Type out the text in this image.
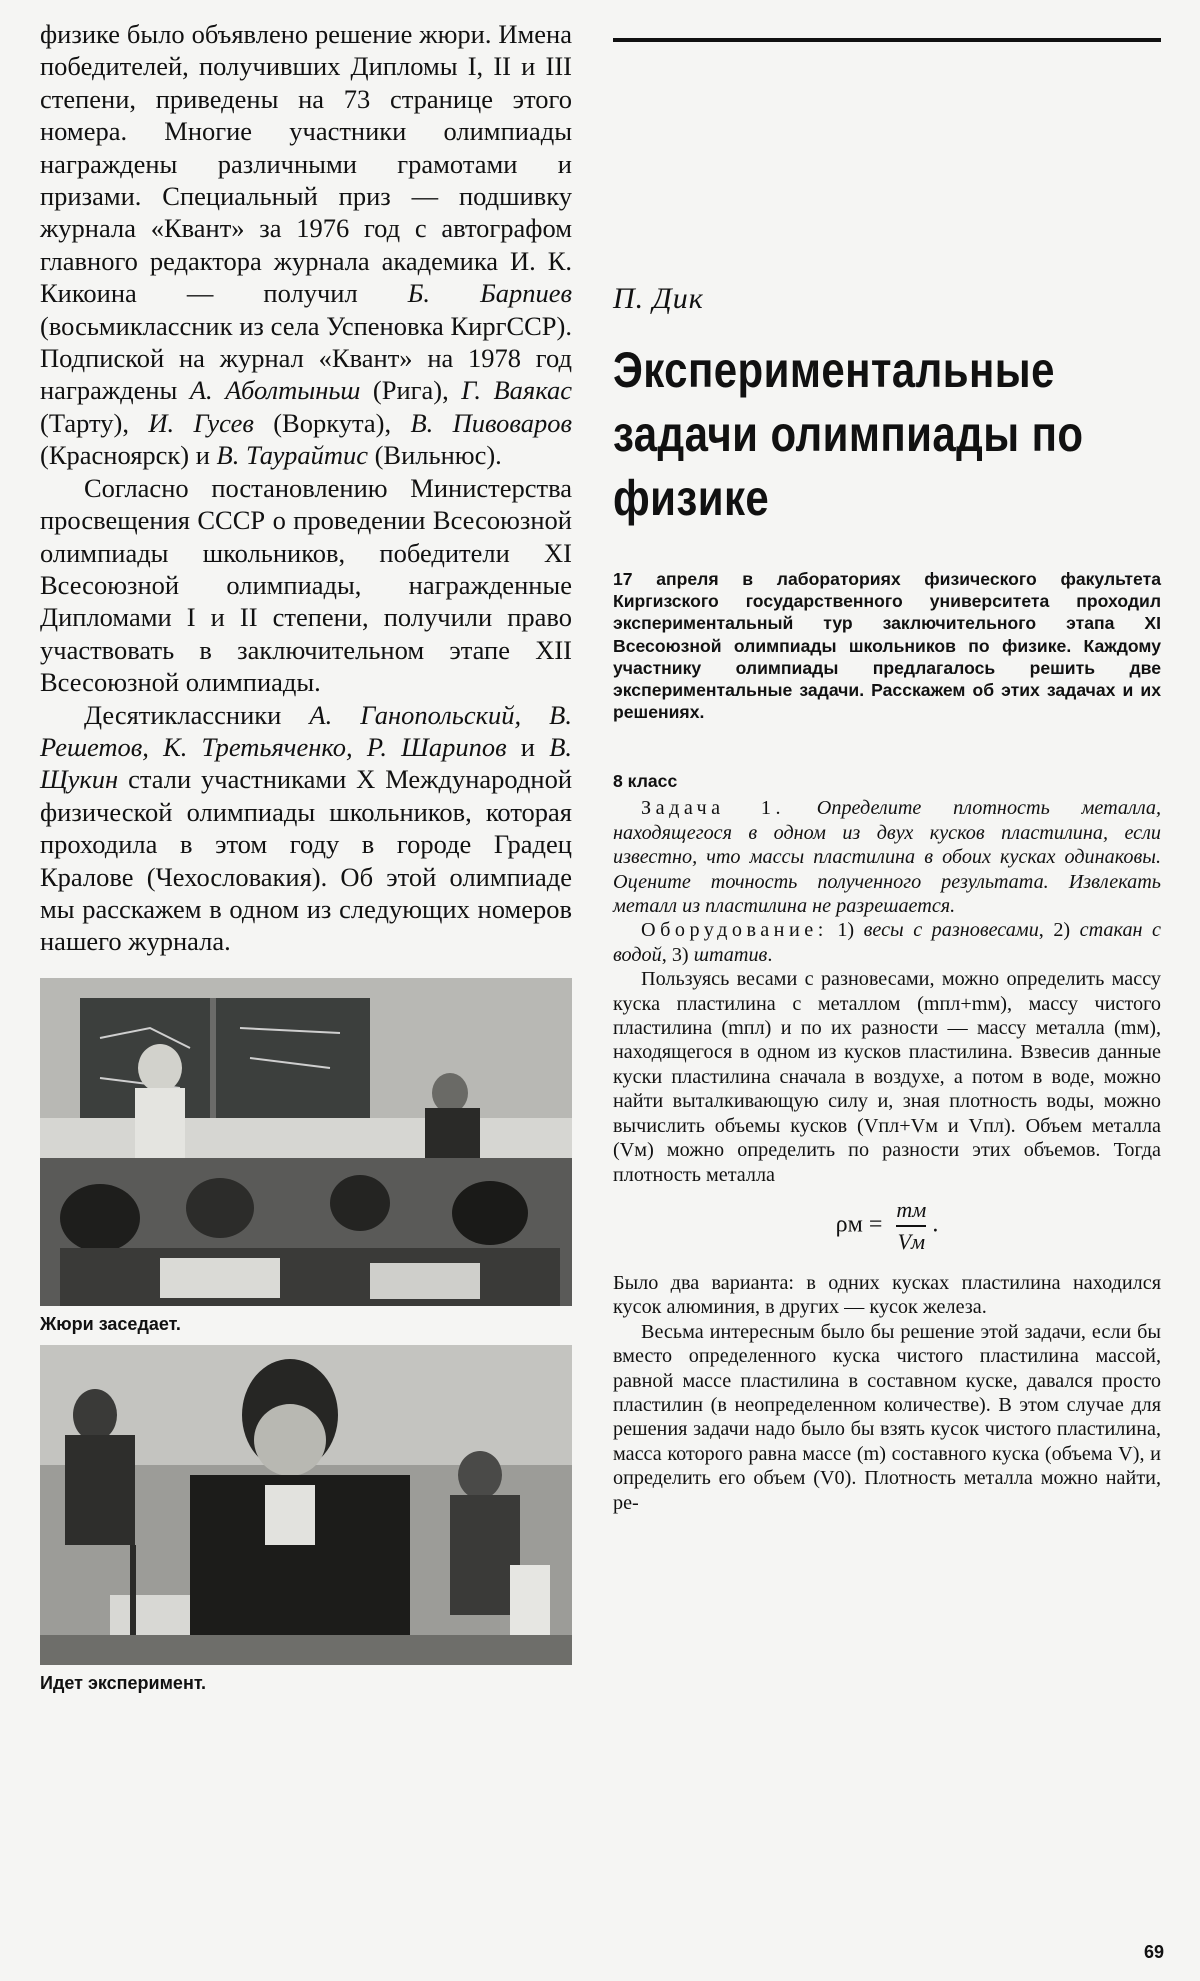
физике было объявлено решение жюри. Имена победителей, получивших Дипломы I, II и III степени, приведены на 73 странице этого номера. Многие участники олимпиады награждены различными грамотами и призами. Специальный приз — подшивку журнала «Квант» за 1976 год с автографом главного редактора журнала академика И. К. Кикоина — получил Б. Барпиев (восьмиклассник из села Успеновка КиргССР). Подпиской на журнал «Квант» на 1978 год награждены А. Аболтыньш (Рига), Г. Ваякас (Тарту), И. Гусев (Воркута), В. Пивоваров (Красноярск) и В. Таурайтис (Вильнюс).

Согласно постановлению Министерства просвещения СССР о проведении Всесоюзной олимпиады школьников, победители XI Всесоюзной олимпиады, награжденные Дипломами I и II степени, получили право участвовать в заключительном этапе XII Всесоюзной олимпиады.

Десятиклассники А. Ганопольский, В. Решетов, К. Третьяченко, Р. Шарипов и В. Щукин стали участниками X Международной физической олимпиады школьников, которая проходила в этом году в городе Градец Кралове (Чехословакия). Об этой олимпиаде мы расскажем в одном из следующих номеров нашего журнала.

Жюри заседает.
Идет эксперимент.

П. Дик

Экспериментальные задачи олимпиады по физике

17 апреля в лабораториях физического факультета Киргизского государственного университета проходил экспериментальный тур заключительного этапа XI Всесоюзной олимпиады школьников по физике. Каждому участнику олимпиады предлагалось решить две экспериментальные задачи. Расскажем об этих задачах и их решениях.

8 класс

Задача 1. Определите плотность металла, находящегося в одном из двух кусков пластилина, если известно, что массы пластилина в обоих кусках одинаковы. Оцените точность полученного результата. Извлекать металл из пластилина не разрешается.

Оборудование: 1) весы с разновесами, 2) стакан с водой, 3) штатив.

Пользуясь весами с разновесами, можно определить массу куска пластилина с металлом (mпл+mм), массу чистого пластилина (mпл) и по их разности — массу металла (mм), находящегося в одном из кусков пластилина. Взвесив данные куски пластилина сначала в воздухе, а потом в воде, можно найти выталкивающую силу и, зная плотность воды, можно вычислить объемы кусков (Vпл+Vм и Vпл). Объем металла (Vм) можно определить по разности этих объемов. Тогда плотность металла

$\rho м = \frac{mм}{Vм}$ .

Было два варианта: в одних кусках пластилина находился кусок алюминия, в других — кусок железа.

Весьма интересным было бы решение этой задачи, если бы вместо определенного куска чистого пластилина массой, равной массе пластилина в составном куске, давался просто пластилин (в неопределенном количестве). В этом случае для решения задачи надо было бы взять кусок чистого пластилина, масса которого равна массе (m) составного куска (объема V), и определить его объем (V0). Плотность металла можно найти, ре-

69
